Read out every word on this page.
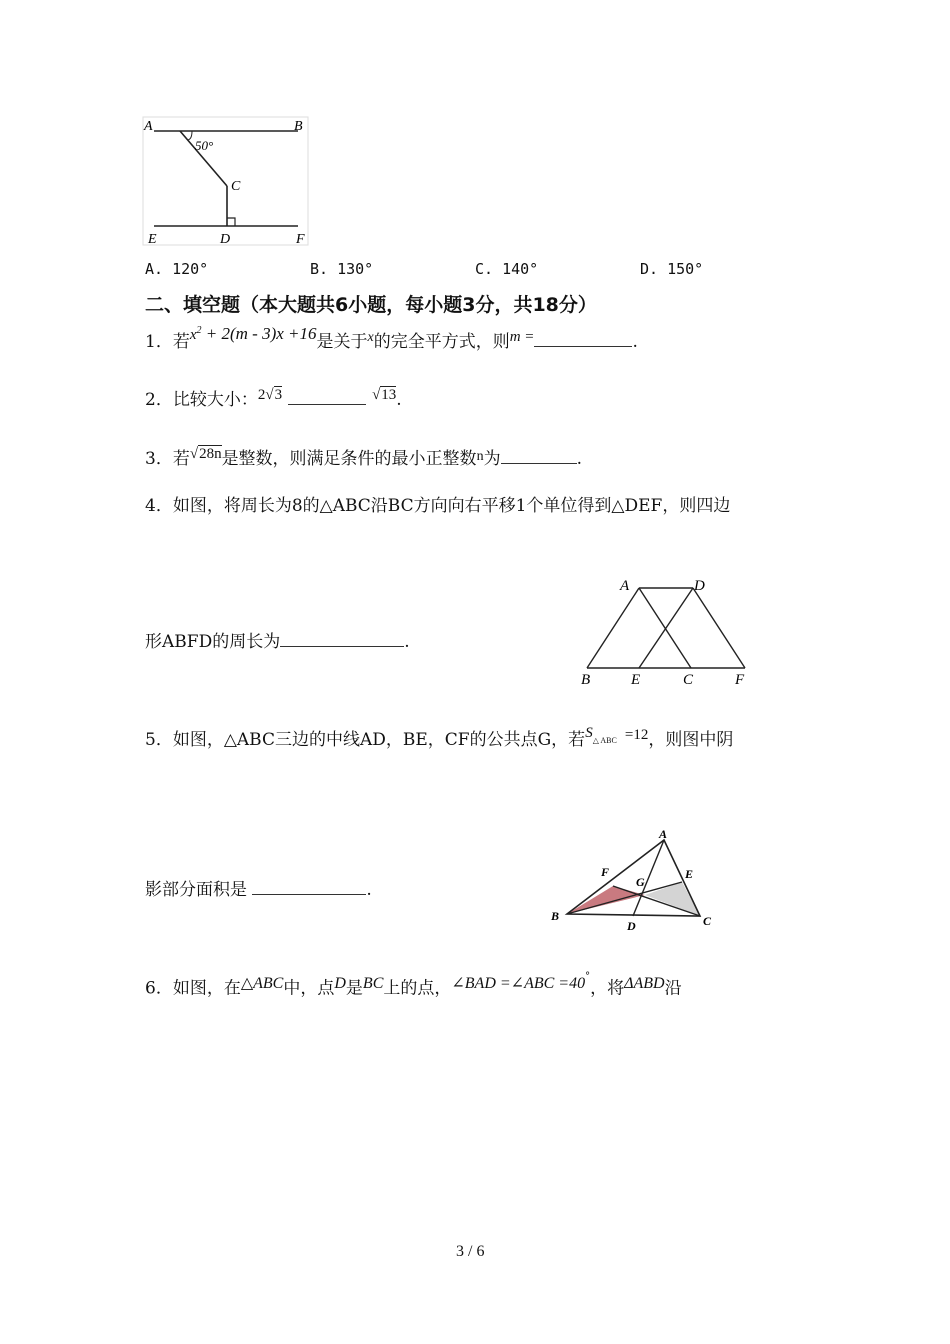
A	B
C
D
E	F
50°
A. 120°	B. 130°	C. 140°	D. 150°
二、填空题（本大题共6小题，每小题3分，共18分）
1．若$x^2 + 2(m - 3)x +16$是关于$^x$的完全平方式，则m =	.
2．比较大小：2√3	√13.
3．若√28n是整数，则满足条件的最小正整数$^n$为	.
4．如图，将周长为8的△ABC沿BC方向向右平移1个单位得到△DEF，则四边
形ABFD的周长为	.
A	D
B	E	C	F
5．如图，△ABC三边的中线AD，BE，CF的公共点G，若S△ ABC =12，则图中阴
影部分面积是	.
A
B	C
D
E
F
G
6．如图，在△ABC中，点D是BC上的点，∠BAD =∠ABC =40°，将ΔABD沿
3 / 6
